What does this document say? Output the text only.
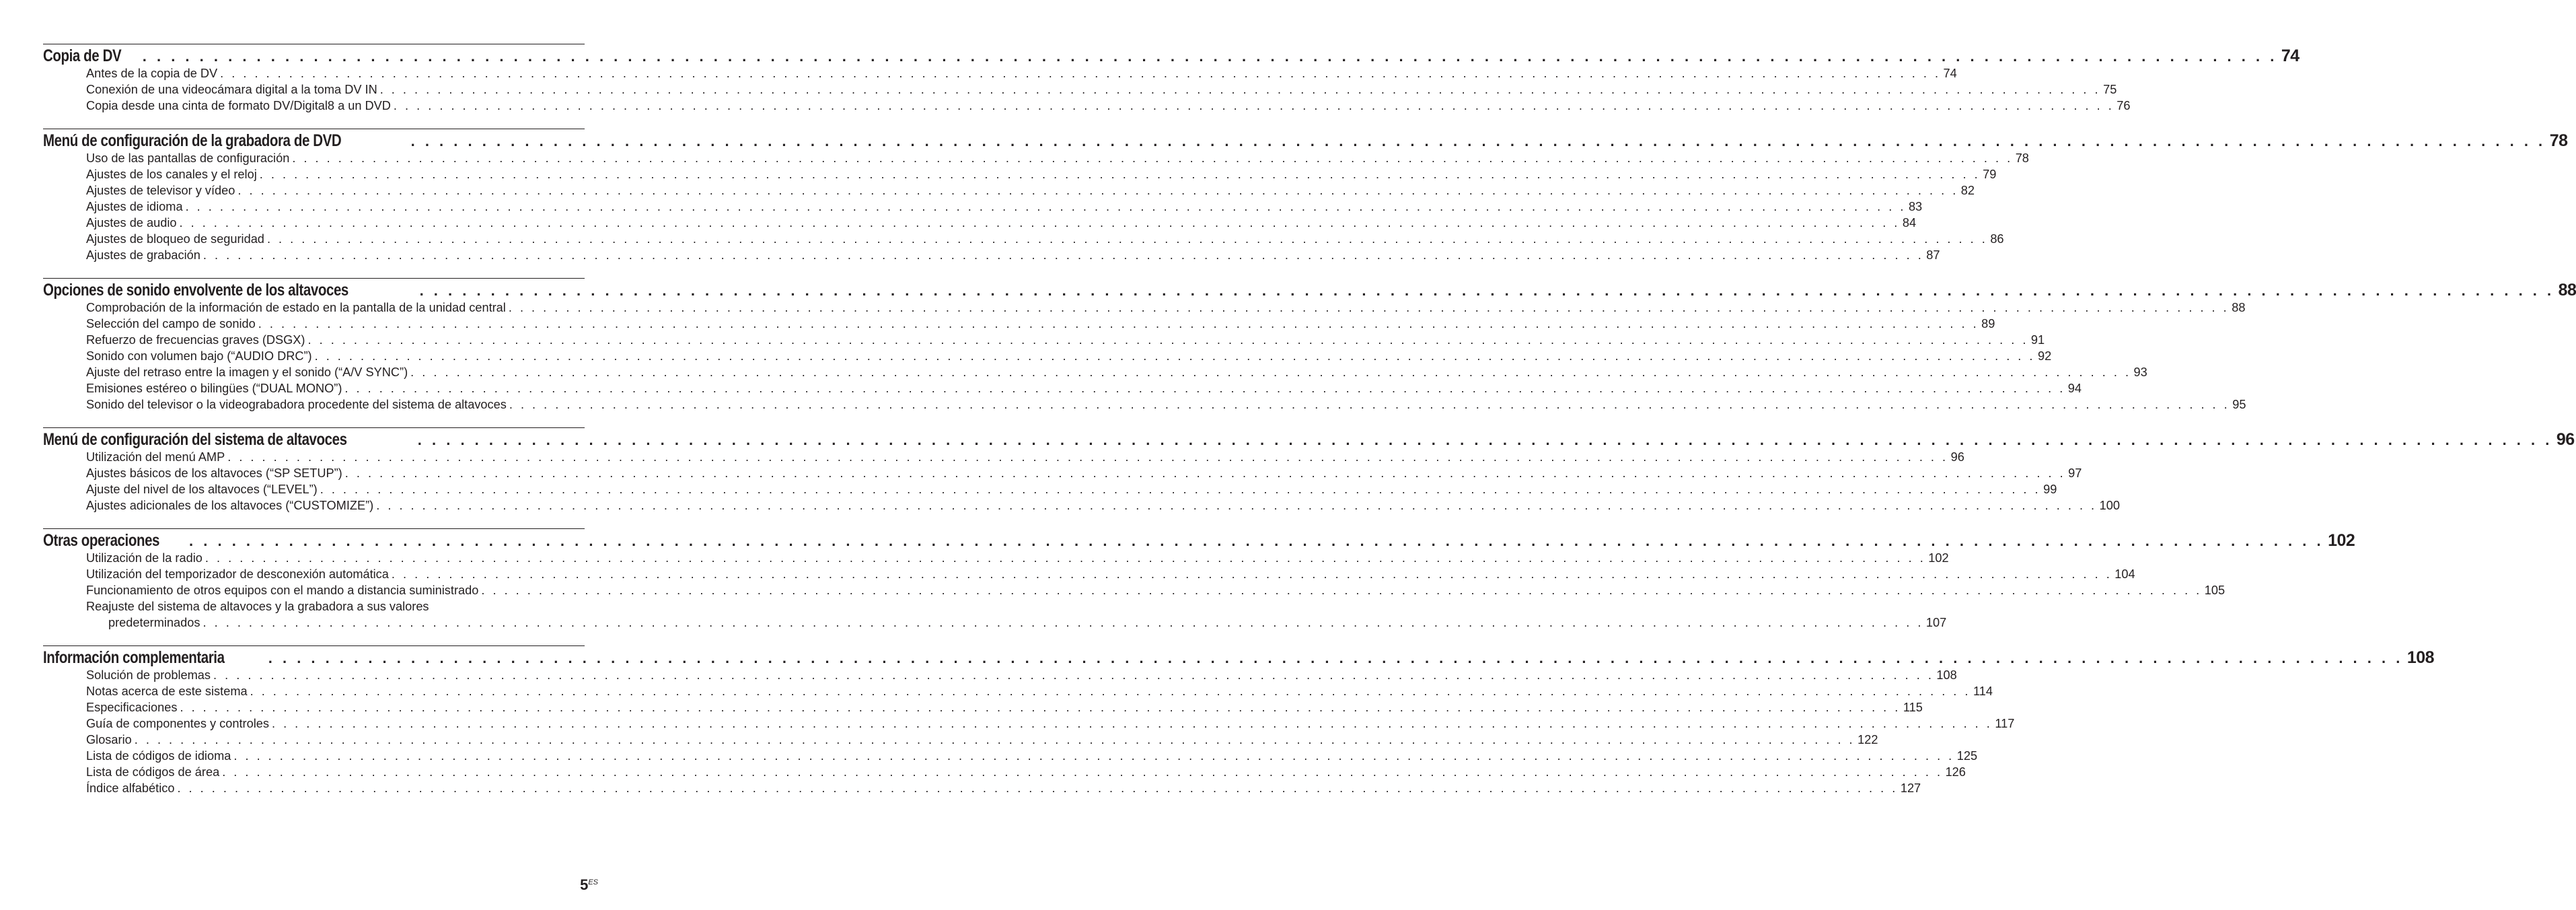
Copia de DV . . . . . . . . . . . . . . . . . . . . . . . . . . . . . . . . . . . . . . . . . . . . . . . . . . . . . . . . . . . . . . . . . . . . . . . . . . . . . . . . . . . . . . . . . . . . . . . . . . . . . . . . . . . . . . . . . . . . . . . . . . . . . . . . . . . . . . . . . . . . . . . . . . . . . . 74
Antes de la copia de DV . . . . . . . . . . . . . . . . . . . . . . . . . . . . . . . . . . . . . . . . . . . . . . . . . . . . . . . . . . . . . . . . . . . . . . . . . . . . . . . . . . . . . . . . . . . . . . . . . . . . . . . . . . . . . . . . . . . . . . . . . . . . . . . . . . . . . . . . . . . . . . . . . . . . . . 74
Conexión de una videocámara digital a la toma DV IN . . . . . . . . . . . . . . . . . . . . . . . . . . . . . . . . . . . . . . . . . . . . . . . . . . . . . . . . . . . . . . . . . . . . . . . . . . . . . . . . . . . . . . . . . . . . . . . . . . . . . . . . . . . . . . . . . . . . . . . . . . . . . . . . . . . . . . . . . . . . . . . . . . . . . . 75
Copia desde una cinta de formato DV/Digital8 a un DVD . . . . . . . . . . . . . . . . . . . . . . . . . . . . . . . . . . . . . . . . . . . . . . . . . . . . . . . . . . . . . . . . . . . . . . . . . . . . . . . . . . . . . . . . . . . . . . . . . . . . . . . . . . . . . . . . . . . . . . . . . . . . . . . . . . . . . . . . . . . . . . . . . . . . . . 76
Menú de configuración de la grabadora de DVD	. . . . . . . . . . . . . . . . . . . . . . . . . . . . . . . . . . . . . . . . . . . . . . . . . . . . . . . . . . . . . . . . . . . . . . . . . . . . . . . . . . . . . . . . . . . . . . . . . . . . . . . . . . . . . . . . . . . . . . . . . . . . . . . . . . . . . . . . . . . . . . . . . . . . . . 78
Uso de las pantallas de configuración . . . . . . . . . . . . . . . . . . . . . . . . . . . . . . . . . . . . . . . . . . . . . . . . . . . . . . . . . . . . . . . . . . . . . . . . . . . . . . . . . . . . . . . . . . . . . . . . . . . . . . . . . . . . . . . . . . . . . . . . . . . . . . . . . . . . . . . . . . . . . . . . . . . . . . 78
Ajustes de los canales y el reloj . . . . . . . . . . . . . . . . . . . . . . . . . . . . . . . . . . . . . . . . . . . . . . . . . . . . . . . . . . . . . . . . . . . . . . . . . . . . . . . . . . . . . . . . . . . . . . . . . . . . . . . . . . . . . . . . . . . . . . . . . . . . . . . . . . . . . . . . . . . . . . . . . . . . . . 79
Ajustes de televisor y vídeo . . . . . . . . . . . . . . . . . . . . . . . . . . . . . . . . . . . . . . . . . . . . . . . . . . . . . . . . . . . . . . . . . . . . . . . . . . . . . . . . . . . . . . . . . . . . . . . . . . . . . . . . . . . . . . . . . . . . . . . . . . . . . . . . . . . . . . . . . . . . . . . . . . . . . . 82
Ajustes de idioma . . . . . . . . . . . . . . . . . . . . . . . . . . . . . . . . . . . . . . . . . . . . . . . . . . . . . . . . . . . . . . . . . . . . . . . . . . . . . . . . . . . . . . . . . . . . . . . . . . . . . . . . . . . . . . . . . . . . . . . . . . . . . . . . . . . . . . . . . . . . . . . . . . . . . . 83
Ajustes de audio . . . . . . . . . . . . . . . . . . . . . . . . . . . . . . . . . . . . . . . . . . . . . . . . . . . . . . . . . . . . . . . . . . . . . . . . . . . . . . . . . . . . . . . . . . . . . . . . . . . . . . . . . . . . . . . . . . . . . . . . . . . . . . . . . . . . . . . . . . . . . . . . . . . . . . 84
Ajustes de bloqueo de seguridad . . . . . . . . . . . . . . . . . . . . . . . . . . . . . . . . . . . . . . . . . . . . . . . . . . . . . . . . . . . . . . . . . . . . . . . . . . . . . . . . . . . . . . . . . . . . . . . . . . . . . . . . . . . . . . . . . . . . . . . . . . . . . . . . . . . . . . . . . . . . . . . . . . . . . . 86
Ajustes de grabación . . . . . . . . . . . . . . . . . . . . . . . . . . . . . . . . . . . . . . . . . . . . . . . . . . . . . . . . . . . . . . . . . . . . . . . . . . . . . . . . . . . . . . . . . . . . . . . . . . . . . . . . . . . . . . . . . . . . . . . . . . . . . . . . . . . . . . . . . . . . . . . . . . . . . . 87
Opciones de sonido envolvente de los altavoces	. . . . . . . . . . . . . . . . . . . . . . . . . . . . . . . . . . . . . . . . . . . . . . . . . . . . . . . . . . . . . . . . . . . . . . . . . . . . . . . . . . . . . . . . . . . . . . . . . . . . . . . . . . . . . . . . . . . . . . . . . . . . . . . . . . . . . . . . . . . . . . . . . . . . . . 88
Comprobación de la información de estado en la pantalla de la unidad central . . . . . . . . . . . . . . . . . . . . . . . . . . . . . . . . . . . . . . . . . . . . . . . . . . . . . . . . . . . . . . . . . . . . . . . . . . . . . . . . . . . . . . . . . . . . . . . . . . . . . . . . . . . . . . . . . . . . . . . . . . . . . . . . . . . . . . . . . . . . . . . . . . . . . . 88
Selección del campo de sonido . . . . . . . . . . . . . . . . . . . . . . . . . . . . . . . . . . . . . . . . . . . . . . . . . . . . . . . . . . . . . . . . . . . . . . . . . . . . . . . . . . . . . . . . . . . . . . . . . . . . . . . . . . . . . . . . . . . . . . . . . . . . . . . . . . . . . . . . . . . . . . . . . . . . . . 89
Refuerzo de frecuencias graves (DSGX) . . . . . . . . . . . . . . . . . . . . . . . . . . . . . . . . . . . . . . . . . . . . . . . . . . . . . . . . . . . . . . . . . . . . . . . . . . . . . . . . . . . . . . . . . . . . . . . . . . . . . . . . . . . . . . . . . . . . . . . . . . . . . . . . . . . . . . . . . . . . . . . . . . . . . . 91
Sonido con volumen bajo (“AUDIO DRC”) . . . . . . . . . . . . . . . . . . . . . . . . . . . . . . . . . . . . . . . . . . . . . . . . . . . . . . . . . . . . . . . . . . . . . . . . . . . . . . . . . . . . . . . . . . . . . . . . . . . . . . . . . . . . . . . . . . . . . . . . . . . . . . . . . . . . . . . . . . . . . . . . . . . . . . 92
Ajuste del retraso entre la imagen y el sonido (“A/V SYNC”) . . . . . . . . . . . . . . . . . . . . . . . . . . . . . . . . . . . . . . . . . . . . . . . . . . . . . . . . . . . . . . . . . . . . . . . . . . . . . . . . . . . . . . . . . . . . . . . . . . . . . . . . . . . . . . . . . . . . . . . . . . . . . . . . . . . . . . . . . . . . . . . . . . . . . . 93
Emisiones estéreo o bilingües (“DUAL MONO”) . . . . . . . . . . . . . . . . . . . . . . . . . . . . . . . . . . . . . . . . . . . . . . . . . . . . . . . . . . . . . . . . . . . . . . . . . . . . . . . . . . . . . . . . . . . . . . . . . . . . . . . . . . . . . . . . . . . . . . . . . . . . . . . . . . . . . . . . . . . . . . . . . . . . . . 94
Sonido del televisor o la videograbadora procedente del sistema de altavoces . . . . . . . . . . . . . . . . . . . . . . . . . . . . . . . . . . . . . . . . . . . . . . . . . . . . . . . . . . . . . . . . . . . . . . . . . . . . . . . . . . . . . . . . . . . . . . . . . . . . . . . . . . . . . . . . . . . . . . . . . . . . . . . . . . . . . . . . . . . . . . . . . . . . . . 95
Menú de configuración del sistema de altavoces	. . . . . . . . . . . . . . . . . . . . . . . . . . . . . . . . . . . . . . . . . . . . . . . . . . . . . . . . . . . . . . . . . . . . . . . . . . . . . . . . . . . . . . . . . . . . . . . . . . . . . . . . . . . . . . . . . . . . . . . . . . . . . . . . . . . . . . . . . . . . . . . . . . . . . . 96
Utilización del menú AMP . . . . . . . . . . . . . . . . . . . . . . . . . . . . . . . . . . . . . . . . . . . . . . . . . . . . . . . . . . . . . . . . . . . . . . . . . . . . . . . . . . . . . . . . . . . . . . . . . . . . . . . . . . . . . . . . . . . . . . . . . . . . . . . . . . . . . . . . . . . . . . . . . . . . . . 96
Ajustes básicos de los altavoces (“SP SETUP”) . . . . . . . . . . . . . . . . . . . . . . . . . . . . . . . . . . . . . . . . . . . . . . . . . . . . . . . . . . . . . . . . . . . . . . . . . . . . . . . . . . . . . . . . . . . . . . . . . . . . . . . . . . . . . . . . . . . . . . . . . . . . . . . . . . . . . . . . . . . . . . . . . . . . . . 97
Ajuste del nivel de los altavoces (“LEVEL”) . . . . . . . . . . . . . . . . . . . . . . . . . . . . . . . . . . . . . . . . . . . . . . . . . . . . . . . . . . . . . . . . . . . . . . . . . . . . . . . . . . . . . . . . . . . . . . . . . . . . . . . . . . . . . . . . . . . . . . . . . . . . . . . . . . . . . . . . . . . . . . . . . . . . . . 99
Ajustes adicionales de los altavoces (“CUSTOMIZE”) . . . . . . . . . . . . . . . . . . . . . . . . . . . . . . . . . . . . . . . . . . . . . . . . . . . . . . . . . . . . . . . . . . . . . . . . . . . . . . . . . . . . . . . . . . . . . . . . . . . . . . . . . . . . . . . . . . . . . . . . . . . . . . . . . . . . . . . . . . . . . . . . . . . . . . 100
Otras operaciones . . . . . . . . . . . . . . . . . . . . . . . . . . . . . . . . . . . . . . . . . . . . . . . . . . . . . . . . . . . . . . . . . . . . . . . . . . . . . . . . . . . . . . . . . . . . . . . . . . . . . . . . . . . . . . . . . . . . . . . . . . . . . . . . . . . . . . . . . . . . . . . . . . . . . . 102
Utilización de la radio . . . . . . . . . . . . . . . . . . . . . . . . . . . . . . . . . . . . . . . . . . . . . . . . . . . . . . . . . . . . . . . . . . . . . . . . . . . . . . . . . . . . . . . . . . . . . . . . . . . . . . . . . . . . . . . . . . . . . . . . . . . . . . . . . . . . . . . . . . . . . . . . . . . . . . 102
Utilización del temporizador de desconexión automática . . . . . . . . . . . . . . . . . . . . . . . . . . . . . . . . . . . . . . . . . . . . . . . . . . . . . . . . . . . . . . . . . . . . . . . . . . . . . . . . . . . . . . . . . . . . . . . . . . . . . . . . . . . . . . . . . . . . . . . . . . . . . . . . . . . . . . . . . . . . . . . . . . . . . . 104
Funcionamiento de otros equipos con el mando a distancia suministrado . . . . . . . . . . . . . . . . . . . . . . . . . . . . . . . . . . . . . . . . . . . . . . . . . . . . . . . . . . . . . . . . . . . . . . . . . . . . . . . . . . . . . . . . . . . . . . . . . . . . . . . . . . . . . . . . . . . . . . . . . . . . . . . . . . . . . . . . . . . . . . . . . . . . . . 105
Reajuste del sistema de altavoces y la grabadora a sus valores
predeterminados . . . . . . . . . . . . . . . . . . . . . . . . . . . . . . . . . . . . . . . . . . . . . . . . . . . . . . . . . . . . . . . . . . . . . . . . . . . . . . . . . . . . . . . . . . . . . . . . . . . . . . . . . . . . . . . . . . . . . . . . . . . . . . . . . . . . . . . . . . . . . . . . . . . . . . 107
Información complementaria	. . . . . . . . . . . . . . . . . . . . . . . . . . . . . . . . . . . . . . . . . . . . . . . . . . . . . . . . . . . . . . . . . . . . . . . . . . . . . . . . . . . . . . . . . . . . . . . . . . . . . . . . . . . . . . . . . . . . . . . . . . . . . . . . . . . . . . . . . . . . . . . . . . . . . . 108
Solución de problemas . . . . . . . . . . . . . . . . . . . . . . . . . . . . . . . . . . . . . . . . . . . . . . . . . . . . . . . . . . . . . . . . . . . . . . . . . . . . . . . . . . . . . . . . . . . . . . . . . . . . . . . . . . . . . . . . . . . . . . . . . . . . . . . . . . . . . . . . . . . . . . . . . . . . . . 108
Notas acerca de este sistema . . . . . . . . . . . . . . . . . . . . . . . . . . . . . . . . . . . . . . . . . . . . . . . . . . . . . . . . . . . . . . . . . . . . . . . . . . . . . . . . . . . . . . . . . . . . . . . . . . . . . . . . . . . . . . . . . . . . . . . . . . . . . . . . . . . . . . . . . . . . . . . . . . . . . . 114
Especificaciones . . . . . . . . . . . . . . . . . . . . . . . . . . . . . . . . . . . . . . . . . . . . . . . . . . . . . . . . . . . . . . . . . . . . . . . . . . . . . . . . . . . . . . . . . . . . . . . . . . . . . . . . . . . . . . . . . . . . . . . . . . . . . . . . . . . . . . . . . . . . . . . . . . . . . . 115
Guía de componentes y controles . . . . . . . . . . . . . . . . . . . . . . . . . . . . . . . . . . . . . . . . . . . . . . . . . . . . . . . . . . . . . . . . . . . . . . . . . . . . . . . . . . . . . . . . . . . . . . . . . . . . . . . . . . . . . . . . . . . . . . . . . . . . . . . . . . . . . . . . . . . . . . . . . . . . . . 117
Glosario . . . . . . . . . . . . . . . . . . . . . . . . . . . . . . . . . . . . . . . . . . . . . . . . . . . . . . . . . . . . . . . . . . . . . . . . . . . . . . . . . . . . . . . . . . . . . . . . . . . . . . . . . . . . . . . . . . . . . . . . . . . . . . . . . . . . . . . . . . . . . . . . . . . . . . 122
Lista de códigos de idioma . . . . . . . . . . . . . . . . . . . . . . . . . . . . . . . . . . . . . . . . . . . . . . . . . . . . . . . . . . . . . . . . . . . . . . . . . . . . . . . . . . . . . . . . . . . . . . . . . . . . . . . . . . . . . . . . . . . . . . . . . . . . . . . . . . . . . . . . . . . . . . . . . . . . . . 125
Lista de códigos de área . . . . . . . . . . . . . . . . . . . . . . . . . . . . . . . . . . . . . . . . . . . . . . . . . . . . . . . . . . . . . . . . . . . . . . . . . . . . . . . . . . . . . . . . . . . . . . . . . . . . . . . . . . . . . . . . . . . . . . . . . . . . . . . . . . . . . . . . . . . . . . . . . . . . . . 126
Índice alfabético . . . . . . . . . . . . . . . . . . . . . . . . . . . . . . . . . . . . . . . . . . . . . . . . . . . . . . . . . . . . . . . . . . . . . . . . . . . . . . . . . . . . . . . . . . . . . . . . . . . . . . . . . . . . . . . . . . . . . . . . . . . . . . . . . . . . . . . . . . . . . . . . . . . . . . 127
$5^{ES}$
